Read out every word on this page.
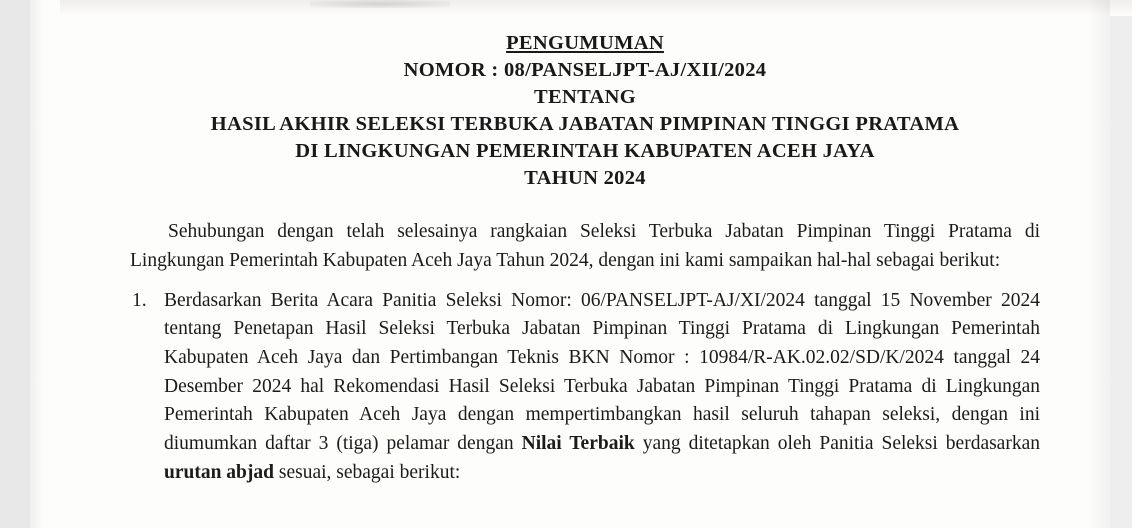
PENGUMUMAN
NOMOR : 08/PANSELJPT-AJ/XII/2024
TENTANG
HASIL AKHIR SELEKSI TERBUKA JABATAN PIMPINAN TINGGI PRATAMA
DI LINGKUNGAN PEMERINTAH KABUPATEN ACEH JAYA
TAHUN 2024
Sehubungan dengan telah selesainya rangkaian Seleksi Terbuka Jabatan Pimpinan Tinggi Pratama di Lingkungan Pemerintah Kabupaten Aceh Jaya Tahun 2024, dengan ini kami sampaikan hal-hal sebagai berikut:
1. Berdasarkan Berita Acara Panitia Seleksi Nomor: 06/PANSELJPT-AJ/XI/2024 tanggal 15 November 2024 tentang Penetapan Hasil Seleksi Terbuka Jabatan Pimpinan Tinggi Pratama di Lingkungan Pemerintah Kabupaten Aceh Jaya dan Pertimbangan Teknis BKN Nomor : 10984/R-AK.02.02/SD/K/2024 tanggal 24 Desember 2024 hal Rekomendasi Hasil Seleksi Terbuka Jabatan Pimpinan Tinggi Pratama di Lingkungan Pemerintah Kabupaten Aceh Jaya dengan mempertimbangkan hasil seluruh tahapan seleksi, dengan ini diumumkan daftar 3 (tiga) pelamar dengan Nilai Terbaik yang ditetapkan oleh Panitia Seleksi berdasarkan urutan abjad sesuai, sebagai berikut:
